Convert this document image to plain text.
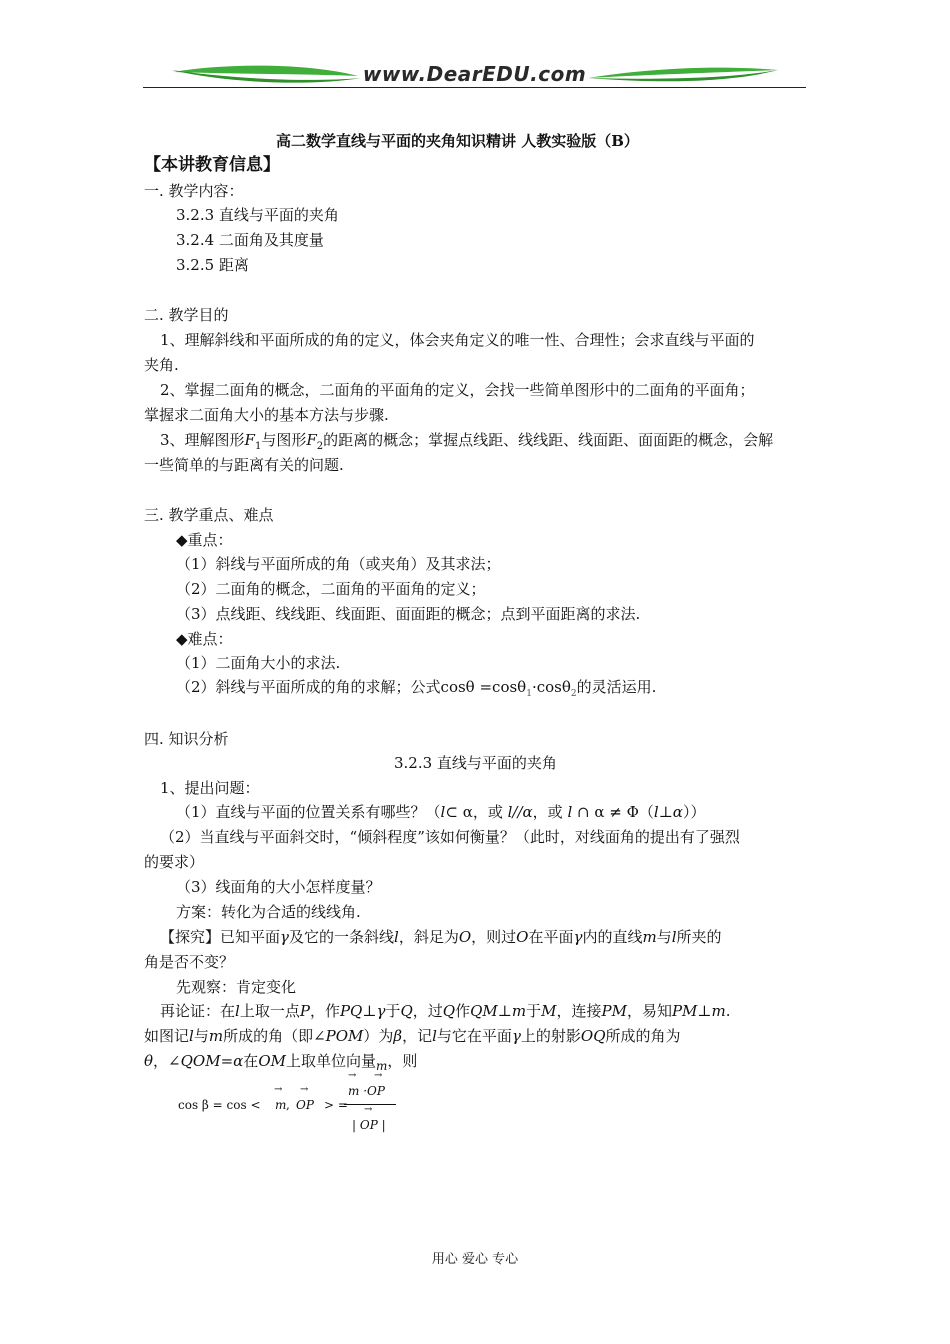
www.DearEDU.com
高二数学直线与平面的夹角知识精讲 人教实验版（B）
【本讲教育信息】
一. 教学内容：
3.2.3 直线与平面的夹角
3.2.4 二面角及其度量
3.2.5 距离
二. 教学目的
1、理解斜线和平面所成的角的定义，体会夹角定义的唯一性、合理性；会求直线与平面的
夹角.
2、掌握二面角的概念，二面角的平面角的定义，会找一些简单图形中的二面角的平面角；
掌握求二面角大小的基本方法与步骤.
3、理解图形$F_1$与图形$F_2$的距离的概念；掌握点线距、线线距、线面距、面面距的概念，会解
一些简单的与距离有关的问题.
三. 教学重点、难点
◆重点：
（1）斜线与平面所成的角（或夹角）及其求法；
（2）二面角的概念，二面角的平面角的定义；
（3）点线距、线线距、线面距、面面距的概念；点到平面距离的求法.
◆难点：
（1）二面角大小的求法.
（2）斜线与平面所成的角的求解；公式cosθ =cosθ$_1$·cosθ$_2$的灵活运用.
四. 知识分析
3.2.3 直线与平面的夹角
1、提出问题：
（1）直线与平面的位置关系有哪些？（l⊂ α，或 l//α，或 l ∩ α ≠ Φ（l⊥α））
（2）当直线与平面斜交时，“倾斜程度”该如何衡量？（此时，对线面角的提出有了强烈
的要求）
（3）线面角的大小怎样度量？
方案：转化为合适的线线角.
【探究】已知平面γ及它的一条斜线l，斜足为O，则过O在平面γ内的直线m与l所夹的
角是否不变？
先观察：肯定变化
再论证：在l上取一点P，作PQ⊥γ于Q，过Q作QM⊥m于M，连接PM，易知PM⊥m.
如图记l与m所成的角（即∠POM）为β，记l与它在平面γ上的射影OQ所成的角为
θ，∠QOM=α在OM上取单位向量$_m$，则
cos β = cos <
→
m ,
→
OP > =
→ →
m ·OP
→
| OP |
用心 爱心 专心
